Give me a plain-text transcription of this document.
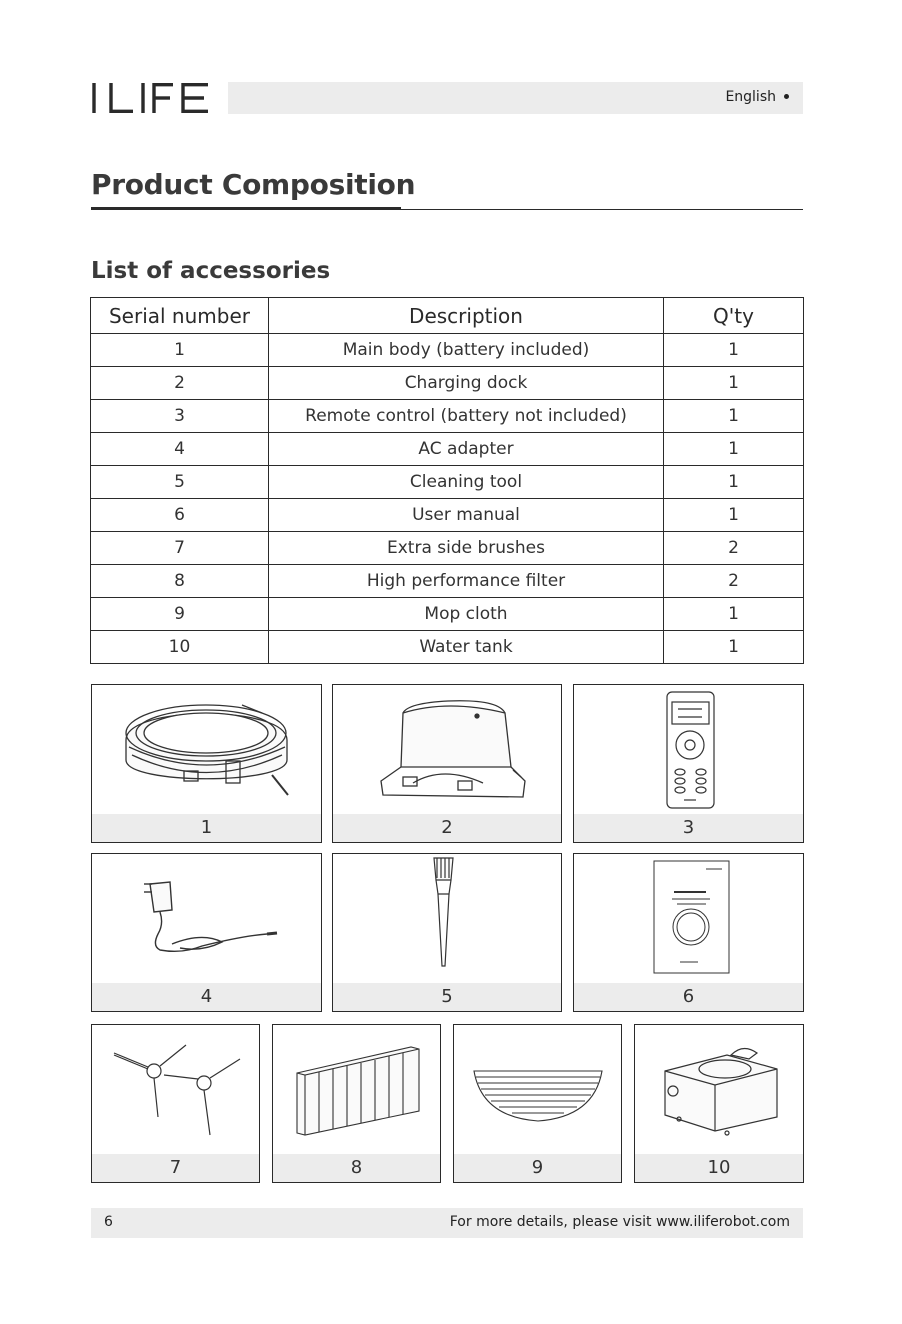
English
Product Composition
List of accessories
Serial number	Description	Q'ty
1	Main body (battery included)	1
2	Charging dock	1
3	Remote control (battery not included)	1
4	AC adapter	1
5	Cleaning tool	1
6	User manual	1
7	Extra side brushes	2
8	High performance filter	2
9	Mop cloth	1
10	Water tank	1
1	2	3
4	5	6
7	8	9	10
6	For more details, please visit www.iliferobot.com
